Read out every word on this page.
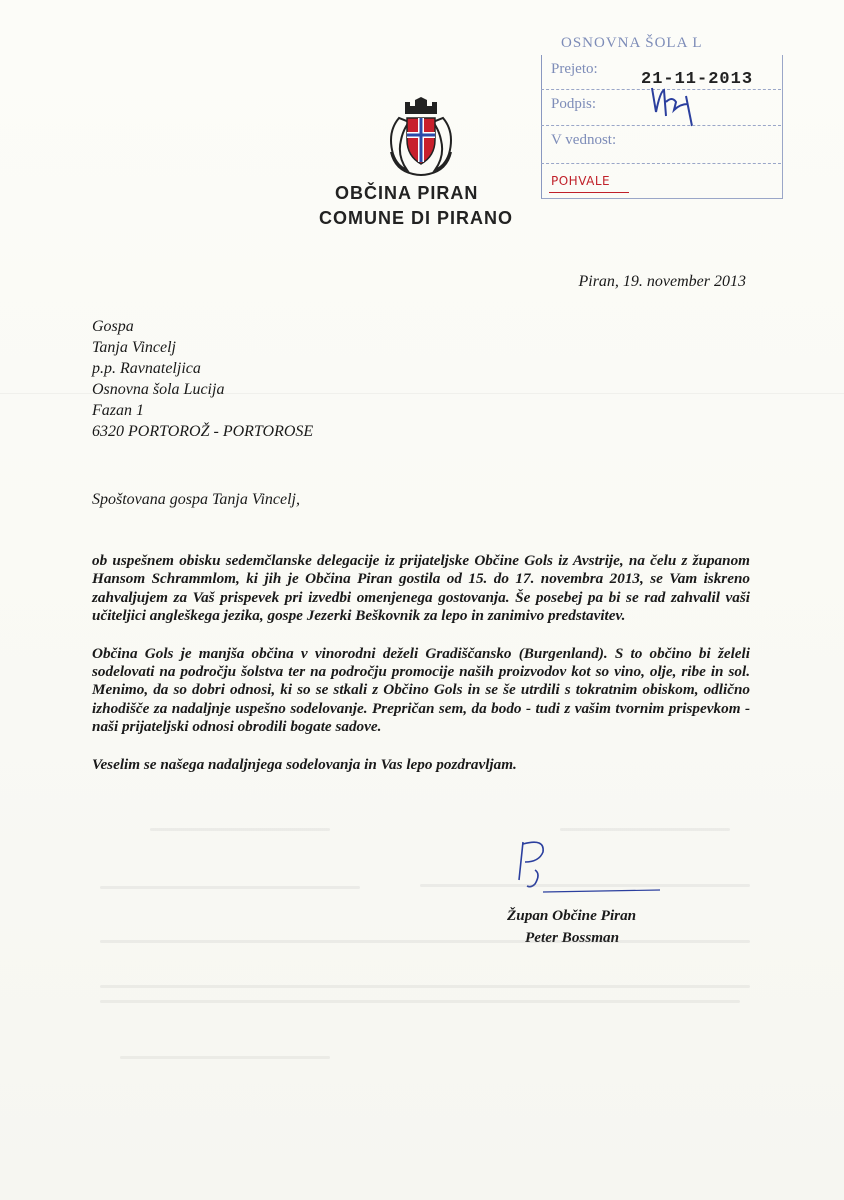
OSNOVNA ŠOLA L
Prejeto:
21-11-2013
Podpis:
V vednost:
POHVALE
OBČINA PIRAN
COMUNE DI PIRANO
Piran, 19. november 2013
Gospa
Tanja Vincelj
p.p. Ravnateljica
Osnovna šola Lucija
Fazan 1
6320 PORTOROŽ - PORTOROSE
Spoštovana gospa Tanja Vincelj,

ob uspešnem obisku sedemčlanske delegacije iz prijateljske Občine Gols iz Avstrije, na čelu z županom Hansom Schrammlom, ki jih je Občina Piran gostila od 15. do 17. novembra 2013, se Vam iskreno zahvaljujem za Vaš prispevek pri izvedbi omenjenega gostovanja. Še posebej pa bi se rad zahvalil vaši učiteljici angleškega jezika, gospe Jezerki Beškovnik za lepo in zanimivo predstavitev.

Občina Gols je manjša občina v vinorodni deželi Gradiščansko (Burgenland). S to občino bi želeli sodelovati na področju šolstva ter na področju promocije naših proizvodov kot so vino, olje, ribe in sol. Menimo, da so dobri odnosi, ki so se stkali z Občino Gols in se še utrdili s tokratnim obiskom, odlično izhodišče za nadaljnje uspešno sodelovanje. Prepričan sem, da bodo - tudi z vašim tvornim prispevkom - naši prijateljski odnosi obrodili bogate sadove.

Veselim se našega nadaljnjega sodelovanja in Vas lepo pozdravljam.

Župan Občine Piran
Peter Bossman
